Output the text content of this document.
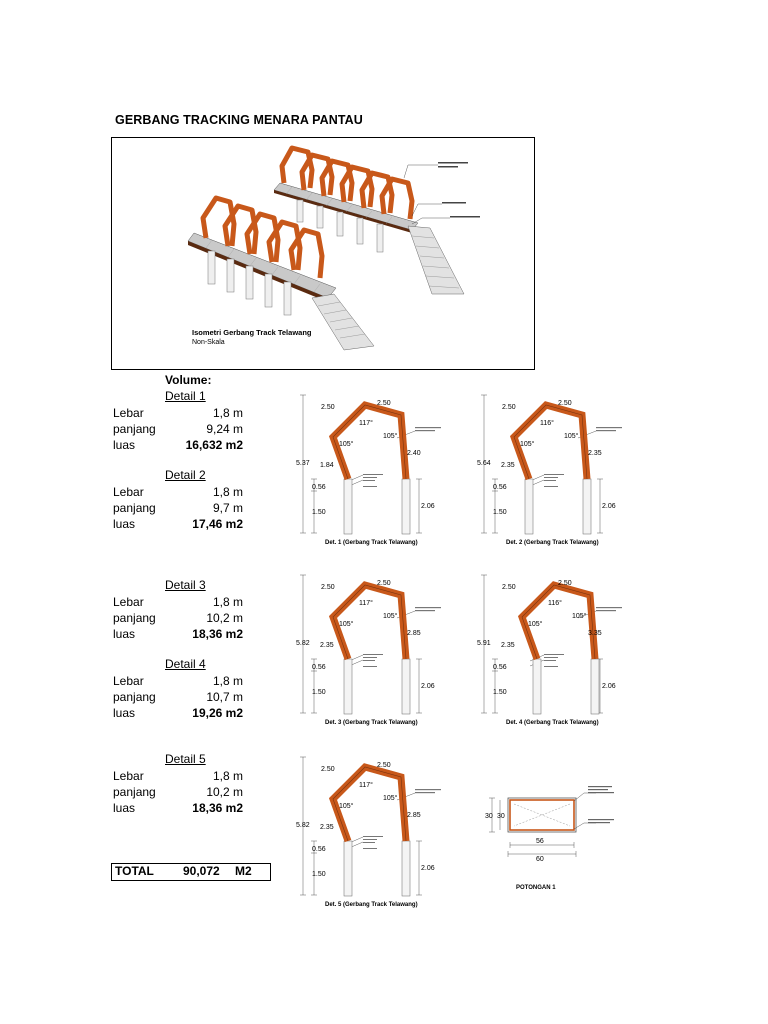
GERBANG TRACKING MENARA PANTAU
Isometri Gerbang Track Telawang
Non-Skala
Volume:
Detail 1
Lebar	1,8 m
panjang	9,24 m
luas	16,632 m2
Detail 2
Lebar	1,8 m
panjang	9,7 m
luas	17,46 m2
Detail 3
Lebar	1,8 m
panjang	10,2 m
luas	18,36 m2
Detail 4
Lebar	1,8 m
panjang	10,7 m
luas	19,26 m2
Detail 5
Lebar	1,8 m
panjang	10,2 m
luas	18,36 m2
TOTAL 90,072 M2
5.37
2.50
2.50
1.84
2.40
117°
105°
105°
0.56
1.50
2.06
Det. 1 (Gerbang Track Telawang)
5.64
2.50
2.50
2.35
2.35
116°
105°
105°
0.56
1.50
2.06
Det. 2 (Gerbang Track Telawang)
5.82
2.50
2.50
2.35
2.85
117°
105°
105°
0.56
1.50
2.06
Det. 3 (Gerbang Track Telawang)
5.91
2.50
2.50
2.35
3.35
116°
105°
105°
0.56
1.50
2.06
Det. 4 (Gerbang Track Telawang)
5.82
2.50
2.50
2.35
2.85
117°
105°
105°
0.56
1.50
2.06
Det. 5 (Gerbang Track Telawang)
30 30
56
60
POTONGAN 1
